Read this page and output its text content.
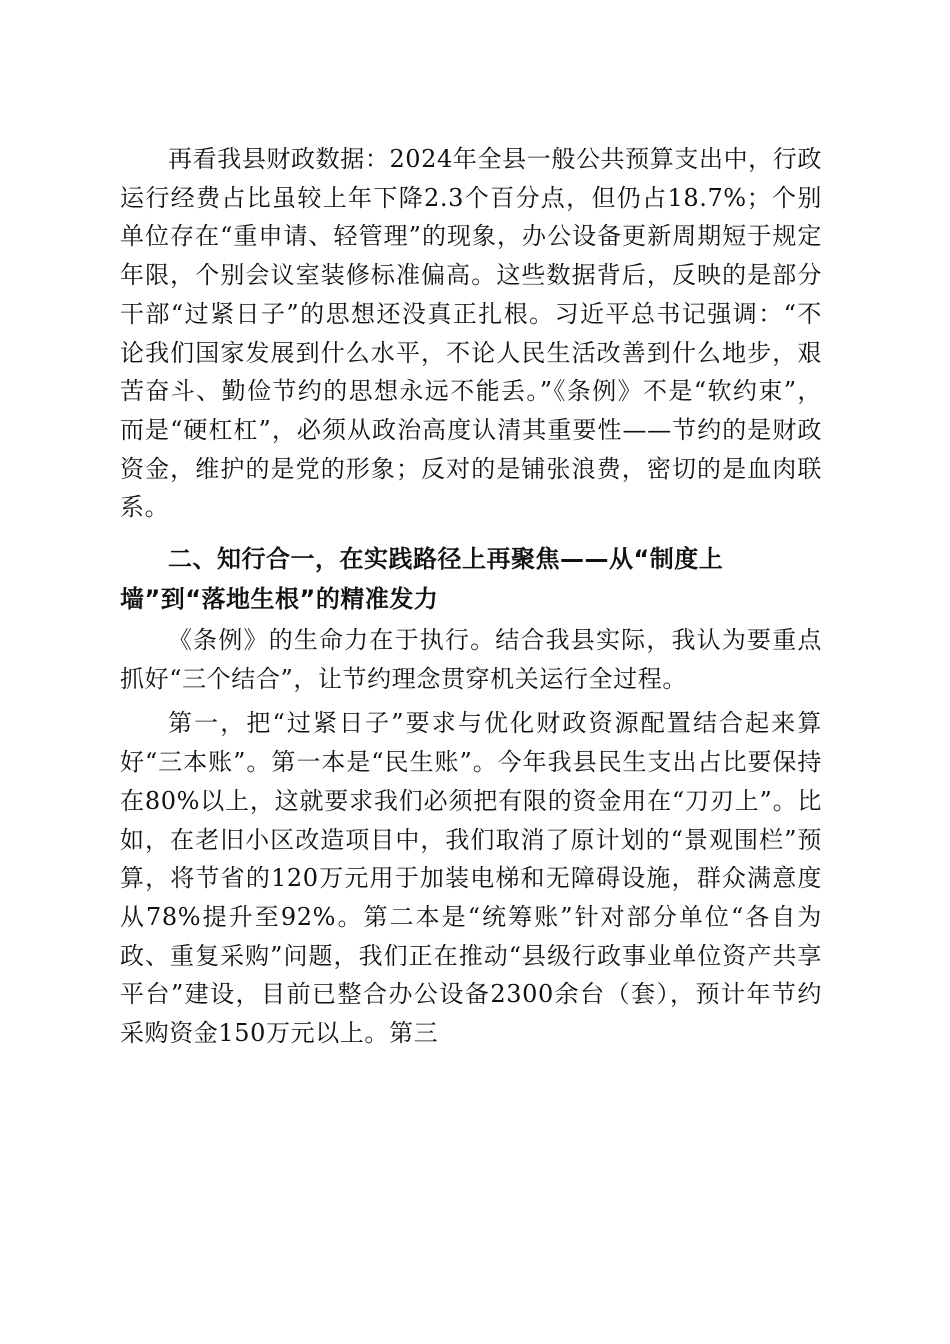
再看我县财政数据：2024年全县一般公共预算支出中，行政运行经费占比虽较上年下降2.3个百分点，但仍占18.7%；个别单位存在“重申请、轻管理”的现象，办公设备更新周期短于规定年限，个别会议室装修标准偏高。这些数据背后，反映的是部分干部“过紧日子”的思想还没真正扎根。习近平总书记强调：“不论我们国家发展到什么水平，不论人民生活改善到什么地步，艰苦奋斗、勤俭节约的思想永远不能丢。”《条例》不是“软约束”，而是“硬杠杠”，必须从政治高度认清其重要性——节约的是财政资金，维护的是党的形象；反对的是铺张浪费，密切的是血肉联系。

二、知行合一，在实践路径上再聚焦——从“制度上墙”到“落地生根”的精准发力

《条例》的生命力在于执行。结合我县实际，我认为要重点抓好“三个结合”，让节约理念贯穿机关运行全过程。

第一，把“过紧日子”要求与优化财政资源配置结合起来算好“三本账”。第一本是“民生账”。今年我县民生支出占比要保持在80%以上，这就要求我们必须把有限的资金用在“刀刃上”。比如，在老旧小区改造项目中，我们取消了原计划的“景观围栏”预算，将节省的120万元用于加装电梯和无障碍设施，群众满意度从78%提升至92%。第二本是“统筹账”针对部分单位“各自为政、重复采购”问题，我们正在推动“县级行政事业单位资产共享平台”建设，目前已整合办公设备2300余台（套），预计年节约采购资金150万元以上。第三
